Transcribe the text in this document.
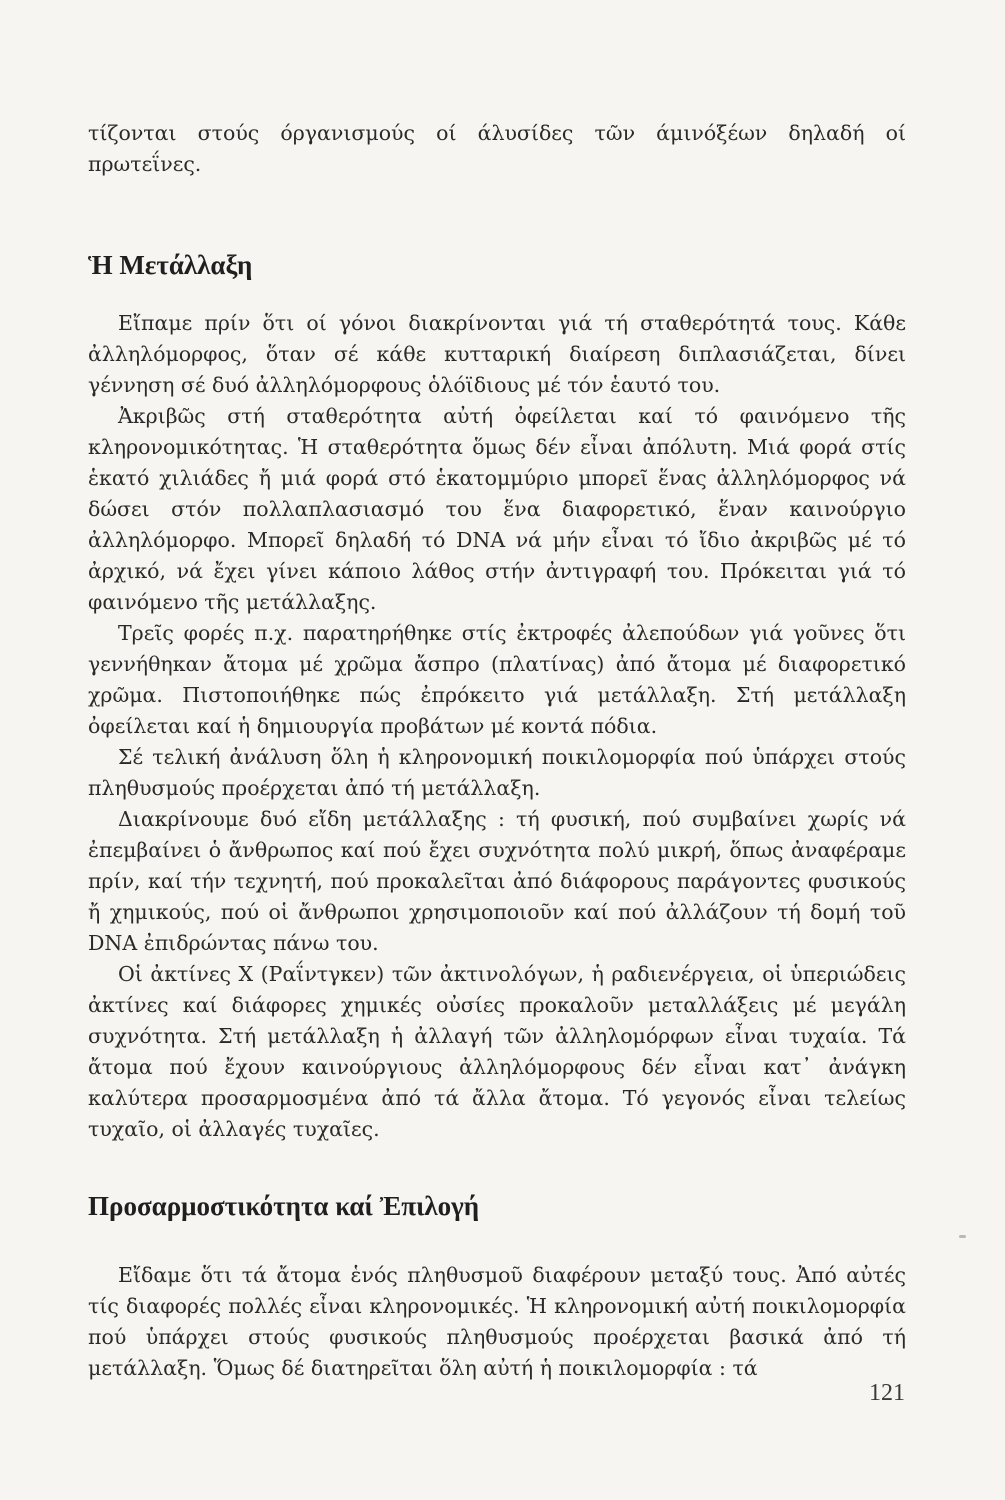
τίζονται στούς όργανισμούς οί άλυσίδες τῶν άμινόξέων δηλαδή οί πρωτεΐνες.

Ἡ Μετάλλαξη

Εἴπαμε πρίν ὅτι οί γόνοι διακρίνονται γιά τή σταθερότητά τους. Κάθε ἀλληλόμορφος, ὅταν σέ κάθε κυτταρική διαίρεση διπλασιάζεται, δίνει γέννηση σέ δυό ἀλληλόμορφους ὁλόϊδιους μέ τόν ἑαυτό του.

Ἀκριβῶς στή σταθερότητα αὐτή ὀφείλεται καί τό φαινόμενο τῆς κληρονομικότητας. Ἡ σταθερότητα ὅμως δέν εἶναι ἀπόλυτη. Μιά φορά στίς ἑκατό χιλιάδες ἤ μιά φορά στό ἑκατομμύριο μπορεῖ ἕνας ἀλληλόμορφος νά δώσει στόν πολλαπλασιασμό του ἕνα διαφορετικό, ἕναν καινούργιο ἀλληλόμορφο. Μπορεῖ δηλαδή τό DNA νά μήν εἶναι τό ἴδιο ἀκριβῶς μέ τό ἀρχικό, νά ἔχει γίνει κάποιο λάθος στήν ἀντιγραφή του. Πρόκειται γιά τό φαινόμενο τῆς μετάλλαξης.

Τρεῖς φορές π.χ. παρατηρήθηκε στίς ἐκτροφές ἀλεπούδων γιά γοῦνες ὅτι γεννήθηκαν ἄτομα μέ χρῶμα ἄσπρο (πλατίνας) ἀπό ἄτομα μέ διαφορετικό χρῶμα. Πιστοποιήθηκε πώς ἐπρόκειτο γιά μετάλλαξη. Στή μετάλλαξη ὀφείλεται καί ἡ δημιουργία προβάτων μέ κοντά πόδια.

Σέ τελική ἀνάλυση ὅλη ἡ κληρονομική ποικιλομορφία πού ὑπάρχει στούς πληθυσμούς προέρχεται ἀπό τή μετάλλαξη.

Διακρίνουμε δυό εἴδη μετάλλαξης : τή φυσική, πού συμβαίνει χωρίς νά ἐπεμβαίνει ὁ ἄνθρωπος καί πού ἔχει συχνότητα πολύ μικρή, ὅπως ἀναφέραμε πρίν, καί τήν τεχνητή, πού προκαλεῖται ἀπό διάφορους παράγοντες φυσικούς ἤ χημικούς, πού οἱ ἄνθρωποι χρησιμοποιοῦν καί πού ἀλλάζουν τή δομή τοῦ DNA ἐπιδρώντας πάνω του.

Οἱ ἀκτίνες Χ (Ραΐντγκεν) τῶν ἀκτινολόγων, ἡ ραδιενέργεια, οἱ ὑπεριώδεις ἀκτίνες καί διάφορες χημικές οὐσίες προκαλοῦν μεταλλάξεις μέ μεγάλη συχνότητα. Στή μετάλλαξη ἡ ἀλλαγή τῶν ἀλληλομόρφων εἶναι τυχαία. Τά ἄτομα πού ἔχουν καινούργιους ἀλληλόμορφους δέν εἶναι κατ᾽ ἀνάγκη καλύτερα προσαρμοσμένα ἀπό τά ἄλλα ἄτομα. Τό γεγονός εἶναι τελείως τυχαῖο, οἱ ἀλλαγές τυχαῖες.

Προσαρμοστικότητα καί Ἐπιλογή

Εἴδαμε ὅτι τά ἄτομα ἑνός πληθυσμοῦ διαφέρουν μεταξύ τους. Ἀπό αὐτές τίς διαφορές πολλές εἶναι κληρονομικές. Ἡ κληρονομική αὐτή ποικιλομορφία πού ὑπάρχει στούς φυσικούς πληθυσμούς προέρχεται βασικά ἀπό τή μετάλλαξη. Ὅμως δέ διατηρεῖται ὅλη αὐτή ἡ ποικιλομορφία : τά

121
